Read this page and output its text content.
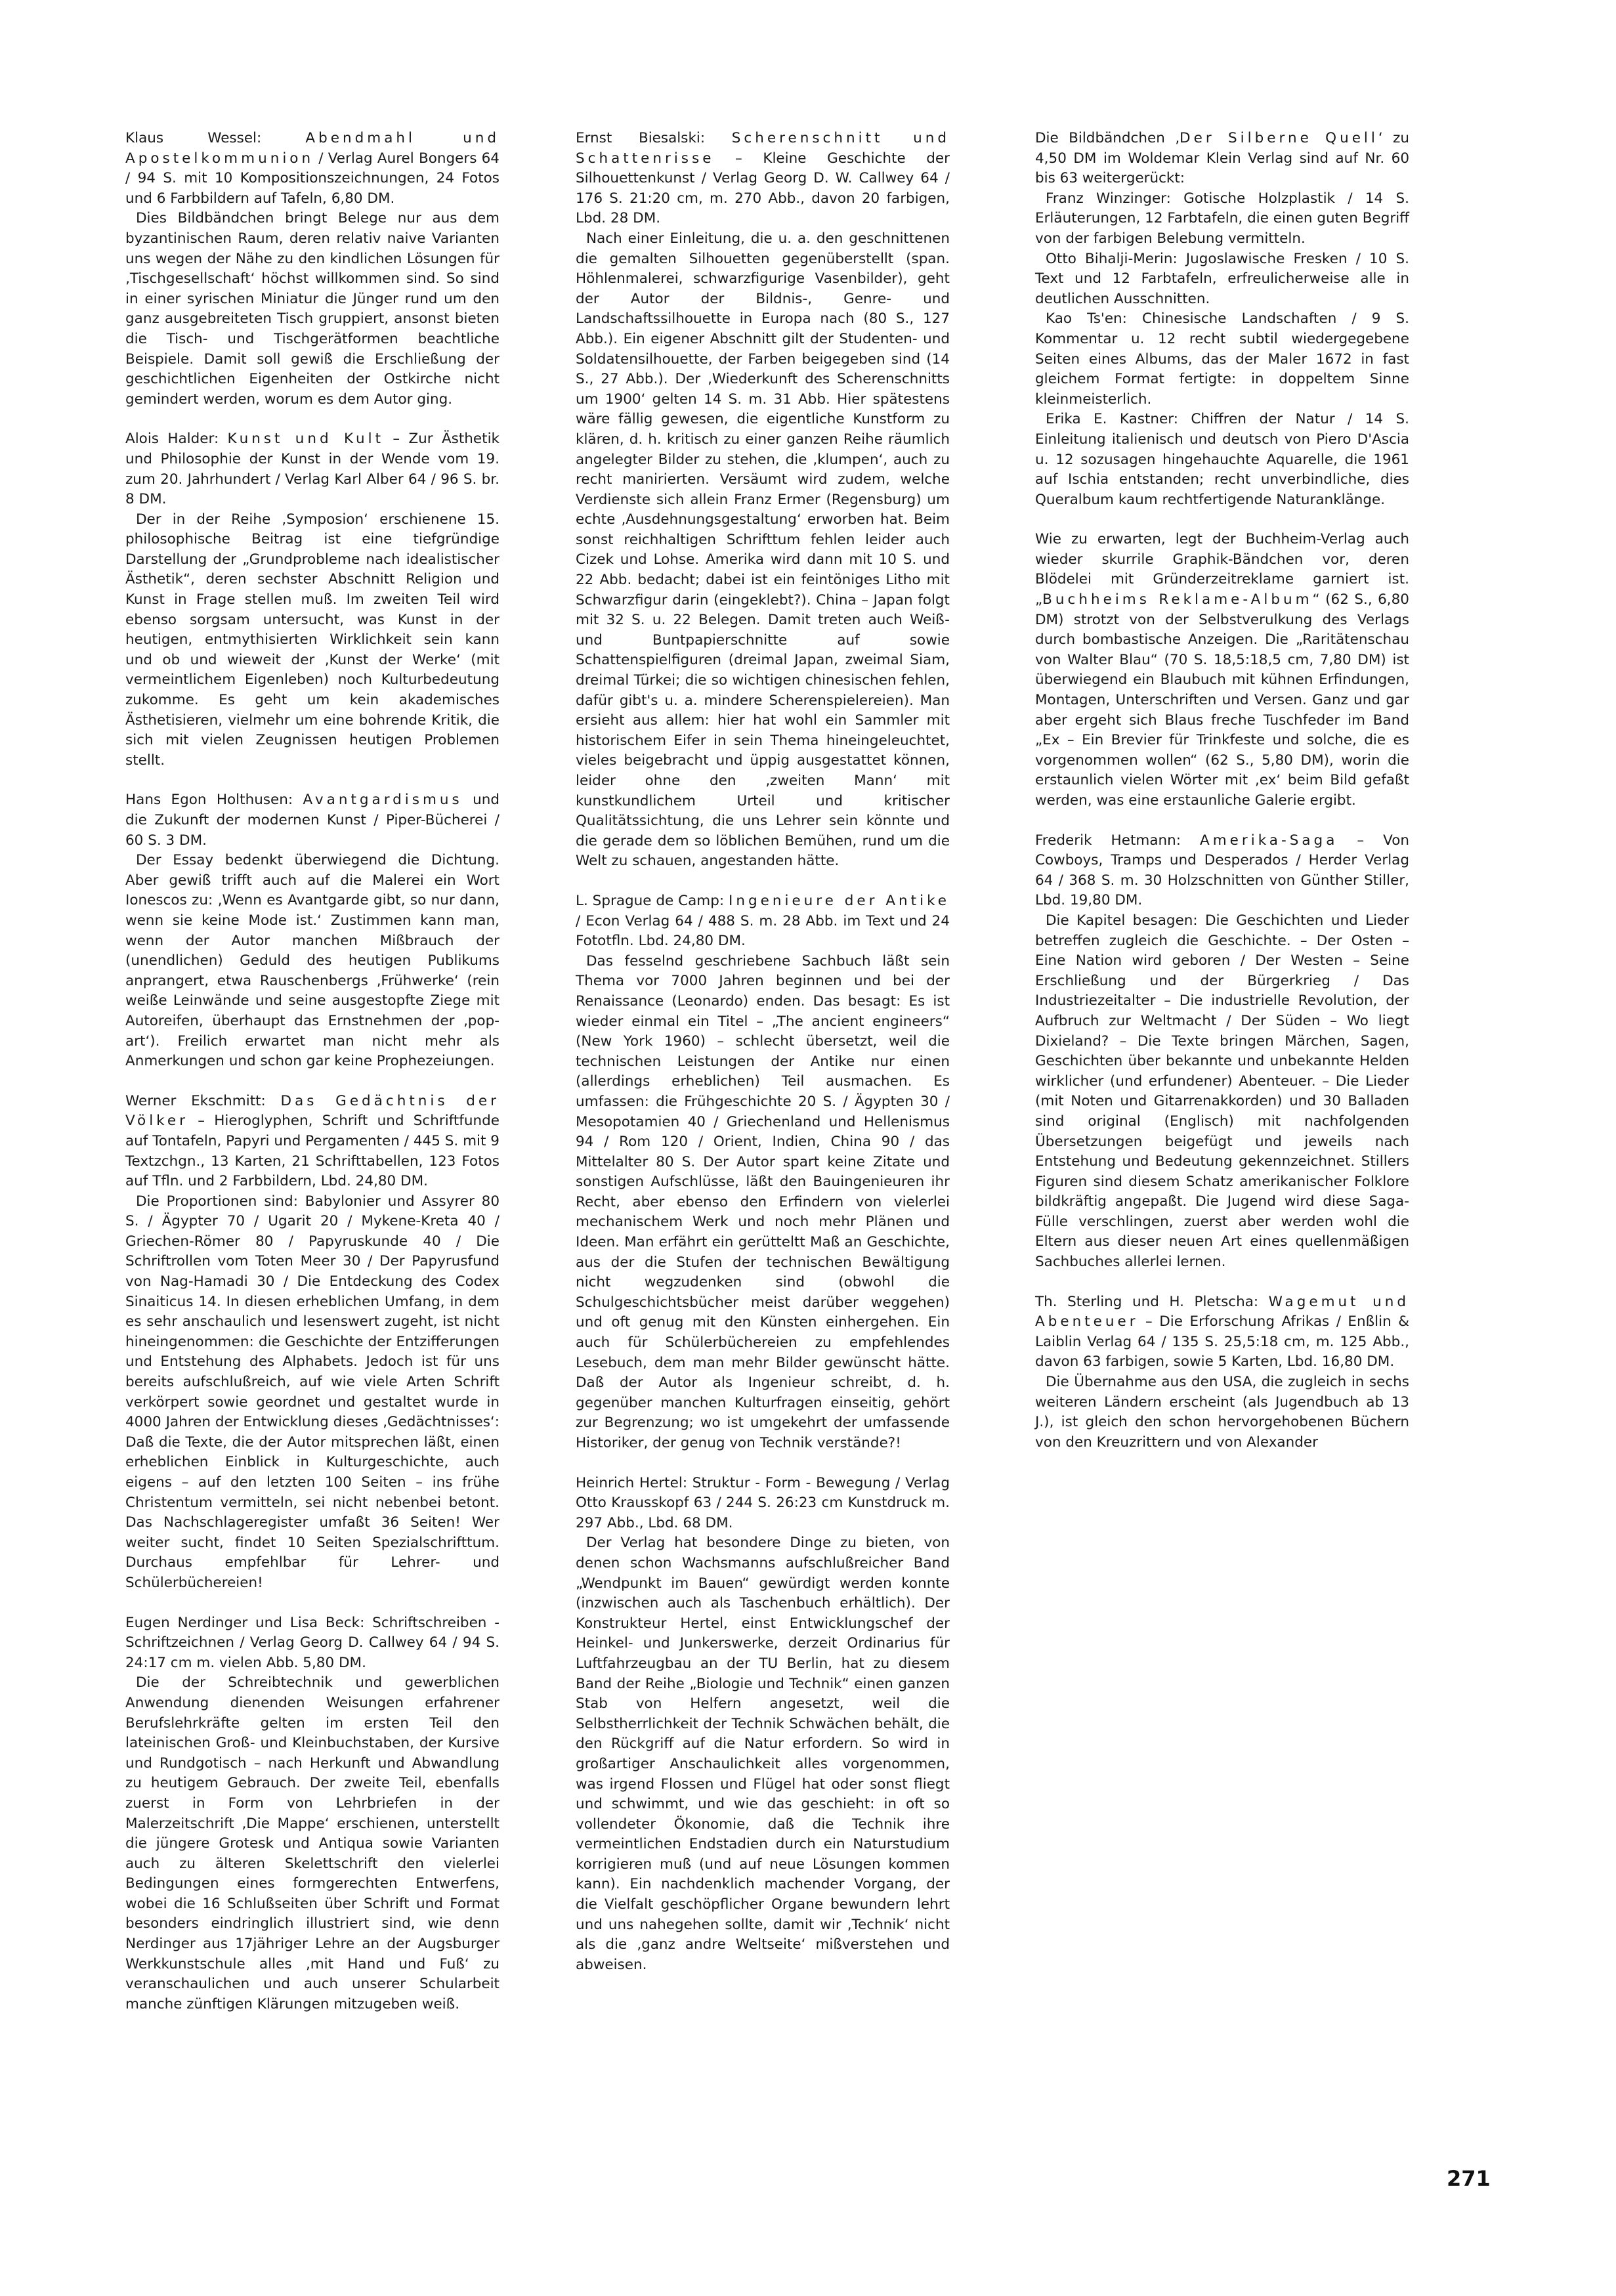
Klaus Wessel: Abendmahl und Apostelkommunion / Verlag Aurel Bongers 64 / 94 S. mit 10 Kompositionszeichnungen, 24 Fotos und 6 Farbbildern auf Tafeln, 6,80 DM.

Dies Bildbändchen bringt Belege nur aus dem byzantinischen Raum, deren relativ naive Varianten uns wegen der Nähe zu den kindlichen Lösungen für ‚Tischgesellschaft‘ höchst willkommen sind. So sind in einer syrischen Miniatur die Jünger rund um den ganz ausgebreiteten Tisch gruppiert, ansonst bieten die Tisch- und Tischgerätformen beachtliche Beispiele. Damit soll gewiß die Erschließung der geschichtlichen Eigenheiten der Ostkirche nicht gemindert werden, worum es dem Autor ging.

Alois Halder: Kunst und Kult – Zur Ästhetik und Philosophie der Kunst in der Wende vom 19. zum 20. Jahrhundert / Verlag Karl Alber 64 / 96 S. br. 8 DM.

Der in der Reihe ‚Symposion‘ erschienene 15. philosophische Beitrag ist eine tiefgründige Darstellung der „Grundprobleme nach idealistischer Ästhetik“, deren sechster Abschnitt Religion und Kunst in Frage stellen muß. Im zweiten Teil wird ebenso sorgsam untersucht, was Kunst in der heutigen, entmythisierten Wirklichkeit sein kann und ob und wieweit der ‚Kunst der Werke‘ (mit vermeintlichem Eigenleben) noch Kulturbedeutung zukomme. Es geht um kein akademisches Ästhetisieren, vielmehr um eine bohrende Kritik, die sich mit vielen Zeugnissen heutigen Problemen stellt.

Hans Egon Holthusen: Avantgardismus und die Zukunft der modernen Kunst / Piper-Bücherei / 60 S. 3 DM.

Der Essay bedenkt überwiegend die Dichtung. Aber gewiß trifft auch auf die Malerei ein Wort Ionescos zu: ‚Wenn es Avantgarde gibt, so nur dann, wenn sie keine Mode ist.‘ Zustimmen kann man, wenn der Autor manchen Mißbrauch der (unendlichen) Geduld des heutigen Publikums anprangert, etwa Rauschenbergs ‚Frühwerke‘ (rein weiße Leinwände und seine ausgestopfte Ziege mit Autoreifen, überhaupt das Ernstnehmen der ‚pop-art‘). Freilich erwartet man nicht mehr als Anmerkungen und schon gar keine Prophezeiungen.

Werner Ekschmitt: Das Gedächtnis der Völker – Hieroglyphen, Schrift und Schriftfunde auf Tontafeln, Papyri und Pergamenten / 445 S. mit 9 Textzchgn., 13 Karten, 21 Schrifttabellen, 123 Fotos auf Tfln. und 2 Farbbildern, Lbd. 24,80 DM.

Die Proportionen sind: Babylonier und Assyrer 80 S. / Ägypter 70 / Ugarit 20 / Mykene-Kreta 40 / Griechen-Römer 80 / Papyruskunde 40 / Die Schriftrollen vom Toten Meer 30 / Der Papyrusfund von Nag-Hamadi 30 / Die Entdeckung des Codex Sinaiticus 14. In diesen erheblichen Umfang, in dem es sehr anschaulich und lesenswert zugeht, ist nicht hineingenommen: die Geschichte der Entzifferungen und Entstehung des Alphabets. Jedoch ist für uns bereits aufschlußreich, auf wie viele Arten Schrift verkörpert sowie geordnet und gestaltet wurde in 4000 Jahren der Entwicklung dieses ‚Gedächtnisses‘: Daß die Texte, die der Autor mitsprechen läßt, einen erheblichen Einblick in Kulturgeschichte, auch eigens – auf den letzten 100 Seiten – ins frühe Christentum vermitteln, sei nicht nebenbei betont. Das Nachschlageregister umfaßt 36 Seiten! Wer weiter sucht, findet 10 Seiten Spezialschrifttum. Durchaus empfehlbar für Lehrer- und Schülerbüchereien!

Eugen Nerdinger und Lisa Beck: Schriftschreiben - Schriftzeichnen / Verlag Georg D. Callwey 64 / 94 S. 24:17 cm m. vielen Abb. 5,80 DM.

Die der Schreibtechnik und gewerblichen Anwendung dienenden Weisungen erfahrener Berufslehrkräfte gelten im ersten Teil den lateinischen Groß- und Kleinbuchstaben, der Kursive und Rundgotisch – nach Herkunft und Abwandlung zu heutigem Gebrauch. Der zweite Teil, ebenfalls zuerst in Form von Lehrbriefen in der Malerzeitschrift ‚Die Mappe‘ erschienen, unterstellt die jüngere Grotesk und Antiqua sowie Varianten auch zu älteren Skelettschrift den vielerlei Bedingungen eines formgerechten Entwerfens, wobei die 16 Schlußseiten über Schrift und Format besonders eindringlich illustriert sind, wie denn Nerdinger aus 17jähriger Lehre an der Augsburger Werkkunstschule alles ‚mit Hand und Fuß‘ zu veranschaulichen und auch unserer Schularbeit manche zünftigen Klärungen mitzugeben weiß.

Ernst Biesalski: Scherenschnitt und Schattenrisse – Kleine Geschichte der Silhouettenkunst / Verlag Georg D. W. Callwey 64 / 176 S. 21:20 cm, m. 270 Abb., davon 20 farbigen, Lbd. 28 DM.

Nach einer Einleitung, die u. a. den geschnittenen die gemalten Silhouetten gegenüberstellt (span. Höhlenmalerei, schwarzfigurige Vasenbilder), geht der Autor der Bildnis-, Genre- und Landschaftssilhouette in Europa nach (80 S., 127 Abb.). Ein eigener Abschnitt gilt der Studenten- und Soldatensilhouette, der Farben beigegeben sind (14 S., 27 Abb.). Der ‚Wiederkunft des Scherenschnitts um 1900‘ gelten 14 S. m. 31 Abb. Hier spätestens wäre fällig gewesen, die eigentliche Kunstform zu klären, d. h. kritisch zu einer ganzen Reihe räumlich angelegter Bilder zu stehen, die ‚klumpen‘, auch zu recht manirierten. Versäumt wird zudem, welche Verdienste sich allein Franz Ermer (Regensburg) um echte ‚Ausdehnungsgestaltung‘ erworben hat. Beim sonst reichhaltigen Schrifttum fehlen leider auch Cizek und Lohse. Amerika wird dann mit 10 S. und 22 Abb. bedacht; dabei ist ein feintöniges Litho mit Schwarzfigur darin (eingeklebt?). China – Japan folgt mit 32 S. u. 22 Belegen. Damit treten auch Weiß- und Buntpapierschnitte auf sowie Schattenspielfiguren (dreimal Japan, zweimal Siam, dreimal Türkei; die so wichtigen chinesischen fehlen, dafür gibt's u. a. mindere Scherenspielereien). Man ersieht aus allem: hier hat wohl ein Sammler mit historischem Eifer in sein Thema hineingeleuchtet, vieles beigebracht und üppig ausgestattet können, leider ohne den ‚zweiten Mann‘ mit kunstkundlichem Urteil und kritischer Qualitätssichtung, die uns Lehrer sein könnte und die gerade dem so löblichen Bemühen, rund um die Welt zu schauen, angestanden hätte.

L. Sprague de Camp: Ingenieure der Antike / Econ Verlag 64 / 488 S. m. 28 Abb. im Text und 24 Fototfln. Lbd. 24,80 DM.

Das fesselnd geschriebene Sachbuch läßt sein Thema vor 7000 Jahren beginnen und bei der Renaissance (Leonardo) enden. Das besagt: Es ist wieder einmal ein Titel – „The ancient engineers“ (New York 1960) – schlecht übersetzt, weil die technischen Leistungen der Antike nur einen (allerdings erheblichen) Teil ausmachen. Es umfassen: die Frühgeschichte 20 S. / Ägypten 30 / Mesopotamien 40 / Griechenland und Hellenismus 94 / Rom 120 / Orient, Indien, China 90 / das Mittelalter 80 S. Der Autor spart keine Zitate und sonstigen Aufschlüsse, läßt den Bauingenieuren ihr Recht, aber ebenso den Erfindern von vielerlei mechanischem Werk und noch mehr Plänen und Ideen. Man erfährt ein gerütteltt Maß an Geschichte, aus der die Stufen der technischen Bewältigung nicht wegzudenken sind (obwohl die Schulgeschichtsbücher meist darüber weggehen) und oft genug mit den Künsten einhergehen. Ein auch für Schülerbüchereien zu empfehlendes Lesebuch, dem man mehr Bilder gewünscht hätte. Daß der Autor als Ingenieur schreibt, d. h. gegenüber manchen Kulturfragen einseitig, gehört zur Begrenzung; wo ist umgekehrt der umfassende Historiker, der genug von Technik verstände?!

Heinrich Hertel: Struktur - Form - Bewegung / Verlag Otto Krausskopf 63 / 244 S. 26:23 cm Kunstdruck m. 297 Abb., Lbd. 68 DM.

Der Verlag hat besondere Dinge zu bieten, von denen schon Wachsmanns aufschlußreicher Band „Wendpunkt im Bauen“ gewürdigt werden konnte (inzwischen auch als Taschenbuch erhältlich). Der Konstrukteur Hertel, einst Entwicklungschef der Heinkel- und Junkerswerke, derzeit Ordinarius für Luftfahrzeugbau an der TU Berlin, hat zu diesem Band der Reihe „Biologie und Technik“ einen ganzen Stab von Helfern angesetzt, weil die Selbstherrlichkeit der Technik Schwächen behält, die den Rückgriff auf die Natur erfordern. So wird in großartiger Anschaulichkeit alles vorgenommen, was irgend Flossen und Flügel hat oder sonst fliegt und schwimmt, und wie das geschieht: in oft so vollendeter Ökonomie, daß die Technik ihre vermeintlichen Endstadien durch ein Naturstudium korrigieren muß (und auf neue Lösungen kommen kann). Ein nachdenklich machender Vorgang, der die Vielfalt geschöpflicher Organe bewundern lehrt und uns nahegehen sollte, damit wir ‚Technik‘ nicht als die ‚ganz andre Weltseite‘ mißverstehen und abweisen.

Die Bildbändchen ‚Der Silberne Quell‘ zu 4,50 DM im Woldemar Klein Verlag sind auf Nr. 60 bis 63 weitergerückt:

Franz Winzinger: Gotische Holzplastik / 14 S. Erläuterungen, 12 Farbtafeln, die einen guten Begriff von der farbigen Belebung vermitteln.

Otto Bihalji-Merin: Jugoslawische Fresken / 10 S. Text und 12 Farbtafeln, erfreulicherweise alle in deutlichen Ausschnitten.

Kao Ts'en: Chinesische Landschaften / 9 S. Kommentar u. 12 recht subtil wiedergegebene Seiten eines Albums, das der Maler 1672 in fast gleichem Format fertigte: in doppeltem Sinne kleinmeisterlich.

Erika E. Kastner: Chiffren der Natur / 14 S. Einleitung italienisch und deutsch von Piero D'Ascia u. 12 sozusagen hingehauchte Aquarelle, die 1961 auf Ischia entstanden; recht unverbindliche, dies Queralbum kaum rechtfertigende Naturanklänge.

Wie zu erwarten, legt der Buchheim-Verlag auch wieder skurrile Graphik-Bändchen vor, deren Blödelei mit Gründerzeitreklame garniert ist. „Buchheims Reklame-Album“ (62 S., 6,80 DM) strotzt von der Selbstverulkung des Verlags durch bombastische Anzeigen. Die „Raritätenschau von Walter Blau“ (70 S. 18,5:18,5 cm, 7,80 DM) ist überwiegend ein Blaubuch mit kühnen Erfindungen, Montagen, Unterschriften und Versen. Ganz und gar aber ergeht sich Blaus freche Tuschfeder im Band „Ex – Ein Brevier für Trinkfeste und solche, die es vorgenommen wollen“ (62 S., 5,80 DM), worin die erstaunlich vielen Wörter mit ‚ex‘ beim Bild gefaßt werden, was eine erstaunliche Galerie ergibt.

Frederik Hetmann: Amerika-Saga – Von Cowboys, Tramps und Desperados / Herder Verlag 64 / 368 S. m. 30 Holzschnitten von Günther Stiller, Lbd. 19,80 DM.

Die Kapitel besagen: Die Geschichten und Lieder betreffen zugleich die Geschichte. – Der Osten – Eine Nation wird geboren / Der Westen – Seine Erschließung und der Bürgerkrieg / Das Industriezeitalter – Die industrielle Revolution, der Aufbruch zur Weltmacht / Der Süden – Wo liegt Dixieland? – Die Texte bringen Märchen, Sagen, Geschichten über bekannte und unbekannte Helden wirklicher (und erfundener) Abenteuer. – Die Lieder (mit Noten und Gitarrenakkorden) und 30 Balladen sind original (Englisch) mit nachfolgenden Übersetzungen beigefügt und jeweils nach Entstehung und Bedeutung gekennzeichnet. Stillers Figuren sind diesem Schatz amerikanischer Folklore bildkräftig angepaßt. Die Jugend wird diese Saga-Fülle verschlingen, zuerst aber werden wohl die Eltern aus dieser neuen Art eines quellenmäßigen Sachbuches allerlei lernen.

Th. Sterling und H. Pletscha: Wagemut und Abenteuer – Die Erforschung Afrikas / Enßlin & Laiblin Verlag 64 / 135 S. 25,5:18 cm, m. 125 Abb., davon 63 farbigen, sowie 5 Karten, Lbd. 16,80 DM.

Die Übernahme aus den USA, die zugleich in sechs weiteren Ländern erscheint (als Jugendbuch ab 13 J.), ist gleich den schon hervorgehobenen Büchern von den Kreuzrittern und von Alexander

271
